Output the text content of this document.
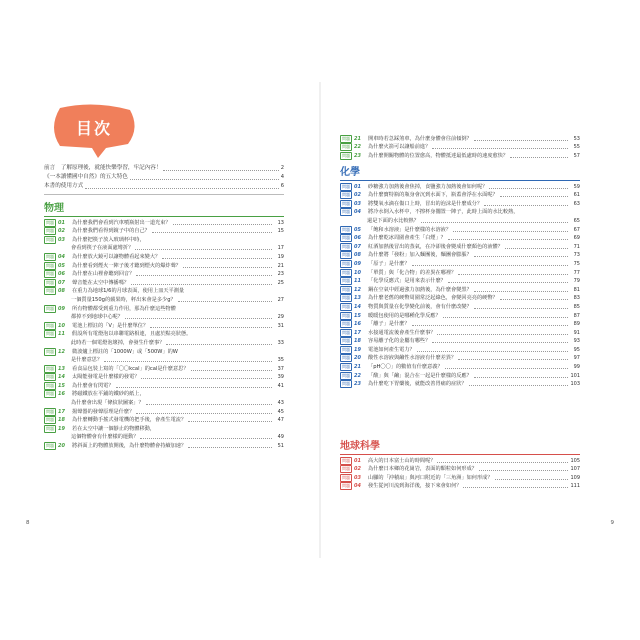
目次
前言　了解原理後，就能快樂學習，牢記內容！	2
《一本讀懂國中自然》的五大特色	4
本書的使用方式	6
物理
問題 01	為什麼我們會看到汽車噴瓶射出一道光束？	13
問題 02	為什麼我們看得到鏡子中的自己？	15
問題 03	為什麼把筷子放入玻璃杯中時，
會看到筷子在液面處彎折？	17
問題 04	為什麼放大鏡可以讓物體看起來變大？	19
問題 05	為什麼看到煙火一陣子後才聽到煙火的爆炸聲？	21
問題 06	為什麼在山裡會聽到回音？	23
問題 07	聲音能在太空中傳播嗎？	25
問題 08	在重力為地球1/6的月球表面，使用上皿天平測量
一個質量150g的蘋果時，秤出來會是多少g？	27
問題 09	所有物體都受到重力作用，那為什麼這些物體
都掉不到地球中心呢？	29
問題 10	電池上標註的「V」是什麼單位？	31
問題 11	假設所有電燈泡以串聯電路相連，且處於點亮狀態。
此時若一個電燈泡壞掉，會發生什麼事？	33
問題 12	微波爐上標註的「1000W」或「500W」的W
是什麼意思？	35
問題 13	看食品包裝上寫的「〇〇kcal」的cal是什麼意思？	37
問題 14	太陽能發電是什麼樣的發電？	39
問題 15	為什麼會有閃電？	41
問題 16	將磁鐵放在平鋪的鐵砂的紙上，
為什麼會出現「條紋狀圖案」？	43
問題 17	揚聲器的發聲原理是什麼？	45
問題 18	為什麼轉動手搖式發電機的把手後，會產生電流？	47
問題 19	若在太空中讓一個靜止的物體移動，
這個物體會有什麼樣的運動？	49
問題 20	將斜面上的物體放開後，為什麼物體會持續加速？	51
8
問題 21	開車時若急踩煞車，為什麼身體會往前傾倒？	53
問題 22	為什麼火箭可以讓船前進？	55
問題 23	為什麼開關物體的位置愈高，物體抵達最低處時的速度愈快？	57
化學
問題 01	砂糖強力加熱後會焦掉，食鹽強力加熱後會如何呢？	59
問題 02	為什麼寶特瓶的瓶身會沉到水面下，瓶蓋會浮在水面呢？	61
問題 03	將雙氧水滴在傷口上時，冒出的泡沫是什麼成分？	63
問題 04	將冷水倒入水杯中，不擦杯身擱置一陣子，此時上面的水比較熱，
還是下面的水比較熱？	65
問題 05	「飽和水溶液」是什麼樣的水溶液？	67
問題 06	為什麼乾冰周圍會產生「白煙」？	69
問題 07	紅酒加熱後冒出的蒸氣，在冷卻後會變成什麼顏色的液體？	71
問題 08	為什麼將「發粉」加入麵團後，麵團會膨脹？	73
問題 09	「原子」是什麼？	75
問題 10	「單質」與「化合物」的差異在哪裡？	77
問題 11	「化學反應式」是用來表示什麼？	79
問題 12	鋼在空氣中經過強力加熱後，為什麼會變黑？	81
問題 13	為什麼老舊的硬幣周圍常泛起綠色，會變回亮亮的硬幣？	83
問題 14	物質與質量在化學變化前後，會有什麼改變？	85
問題 15	暖暖包使用的是哪種化學反應？	87
問題 16	「離子」是什麼？	89
問題 17	水接通電流後會產生什麼事？	91
問題 18	容易離子化的金屬有哪些？	93
問題 19	電池如何產生電力？	95
問題 20	酸性水溶液與鹼性水溶液有什麼差異？	97
問題 21	「pH〇〇」的數值有什麼意義？	99
問題 22	「酸」與「鹼」混合在一起是什麼樣的反應？	101
問題 23	為什麼吃下胃藥後，就能改善胃痛的症狀？	103
地球科學
問題 01	高大的日本富士山的時間呢？	105
問題 02	為什麼日本鄉的花崗岩，表面的顆粒如何形成？	107
問題 03	山腳的「沖積扇」與河口附近的「三角洲」如何形成？	109
問題 04	發生從河川流到海洋後，接下來會如何？	111
9
